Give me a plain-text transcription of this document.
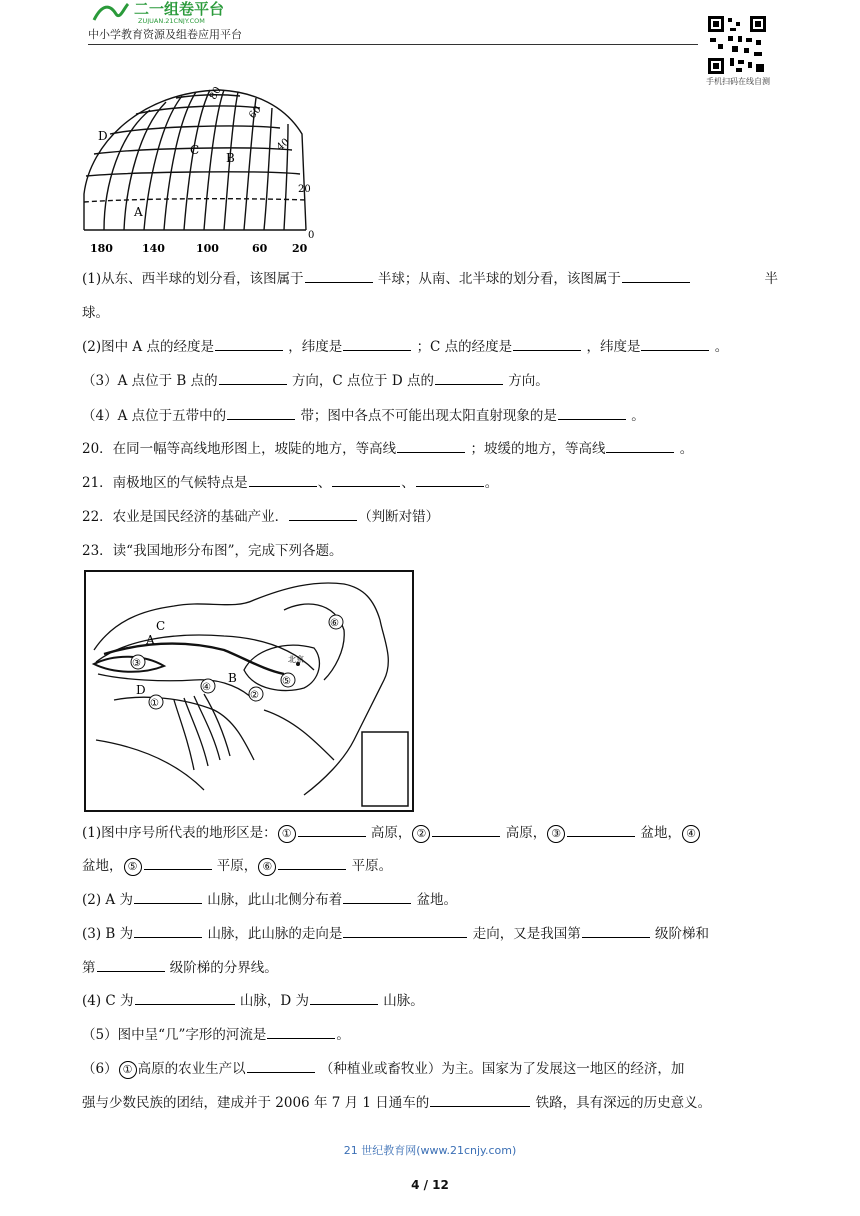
二一组卷平台
ZUJUAN.21CNJY.COM
中小学教育资源及组卷应用平台
手机扫码在线自测
D
C
B
A
80
60
40
20
0
180	140	100	60 20
(1)从东、西半球的划分看，该图属于	半球；从南、北半球的划分看，该图属于	半
球。
(2)图中 A 点的经度是	，纬度是	；C 点的经度是	，纬度是	。
（3）A 点位于 B 点的	方向，C 点位于 D 点的	方向。
（4）A 点位于五带中的	带；图中各点不可能出现太阳直射现象的是	。
20．在同一幅等高线地形图上，坡陡的地方，等高线	；坡缓的地方，等高线	。
21．南极地区的气候特点是	、	、	。
22．农业是国民经济的基础产业．	（判断对错）
23．读“我国地形分布图”，完成下列各题。
C
A
③
D	④
B
②
①
⑤
⑥
北京
(1)图中序号所代表的地形区是： ①	高原， ②	高原， ③	盆地， ④
盆地， ⑤	平原， ⑥	平原。
(2) A 为	山脉，此山北侧分布着	盆地。
(3) B 为	山脉，此山脉的走向是	走向，又是我国第	级阶梯和
第	级阶梯的分界线。
(4) C 为	山脉，D 为	山脉。
（5）图中呈“几”字形的河流是	。
（6） ① 高原的农业生产以	（种植业或畜牧业）为主。国家为了发展这一地区的经济，加
强与少数民族的团结，建成并于 2006 年 7 月 1 日通车的	铁路，具有深远的历史意义。
21 世纪教育网(www.21cnjy.com)
4 / 12
